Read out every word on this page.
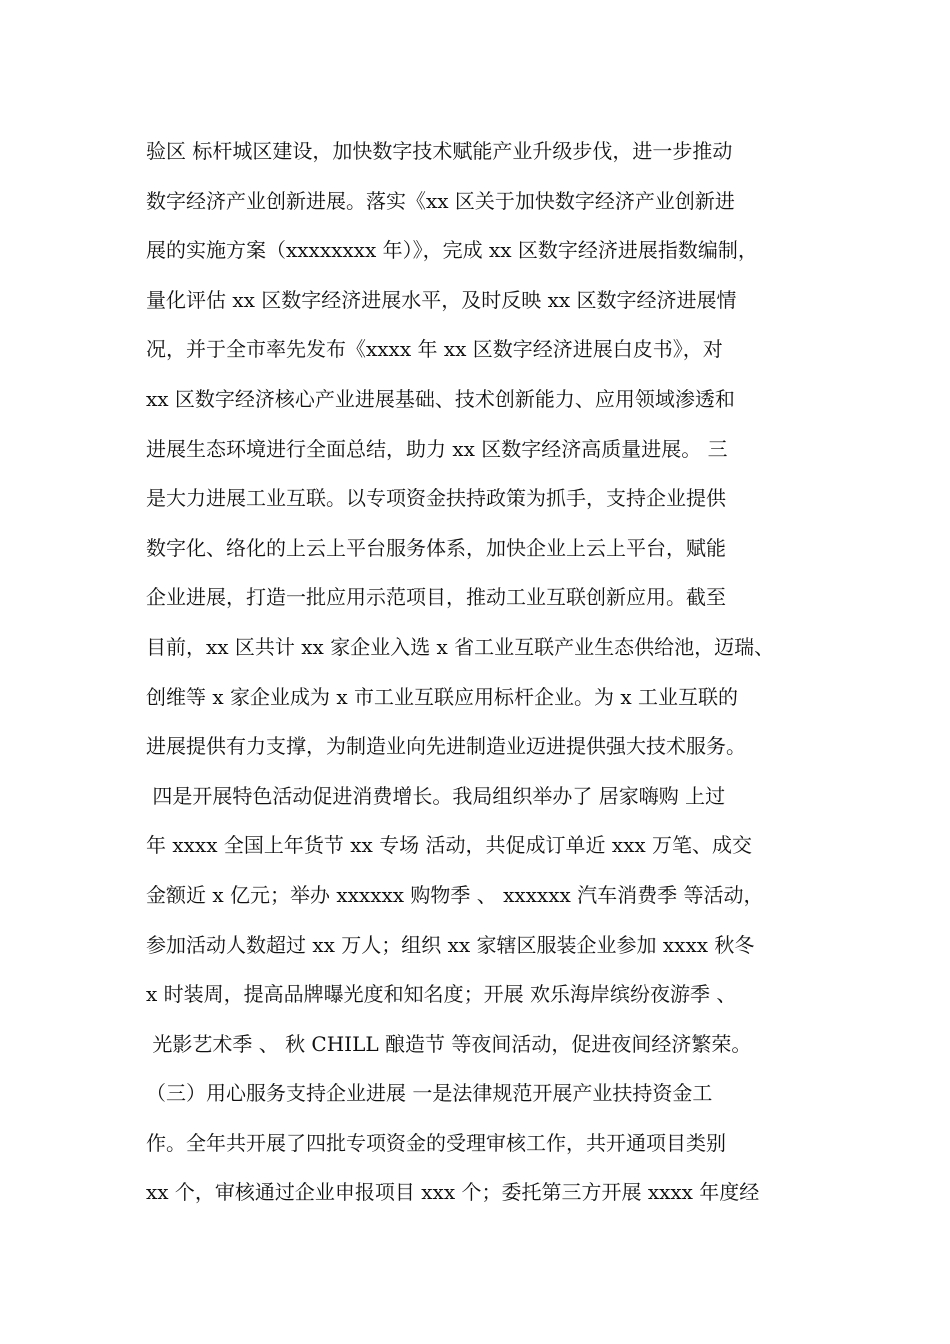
验区 标杆城区建设，加快数字技术赋能产业升级步伐，进一步推动
数字经济产业创新进展。落实《xx 区关于加快数字经济产业创新进
展的实施方案（xxxxxxxx 年）》，完成 xx 区数字经济进展指数编制，
量化评估 xx 区数字经济进展水平，及时反映 xx 区数字经济进展情
况，并于全市率先发布《xxxx 年 xx 区数字经济进展白皮书》，对
xx 区数字经济核心产业进展基础、技术创新能力、应用领域渗透和
进展生态环境进行全面总结，助力 xx 区数字经济高质量进展。 三
是大力进展工业互联。以专项资金扶持政策为抓手，支持企业提供
数字化、络化的上云上平台服务体系，加快企业上云上平台，赋能
企业进展，打造一批应用示范项目，推动工业互联创新应用。截至
目前，xx 区共计 xx 家企业入选 x 省工业互联产业生态供给池，迈瑞、
创维等 x 家企业成为 x 市工业互联应用标杆企业。为 x 工业互联的
进展提供有力支撑，为制造业向先进制造业迈进提供强大技术服务。
四是开展特色活动促进消费增长。我局组织举办了 居家嗨购 上过
年 xxxx 全国上年货节 xx 专场 活动，共促成订单近 xxx 万笔、成交
金额近 x 亿元；举办 xxxxxx 购物季 、 xxxxxx 汽车消费季 等活动，
参加活动人数超过 xx 万人；组织 xx 家辖区服装企业参加 xxxx 秋冬
x 时装周，提高品牌曝光度和知名度；开展 欢乐海岸缤纷夜游季 、
光影艺术季 、 秋 CHILL 酿造节 等夜间活动，促进夜间经济繁荣。
（三）用心服务支持企业进展 一是法律规范开展产业扶持资金工
作。全年共开展了四批专项资金的受理审核工作，共开通项目类别
xx 个，审核通过企业申报项目 xxx 个；委托第三方开展 xxxx 年度经
